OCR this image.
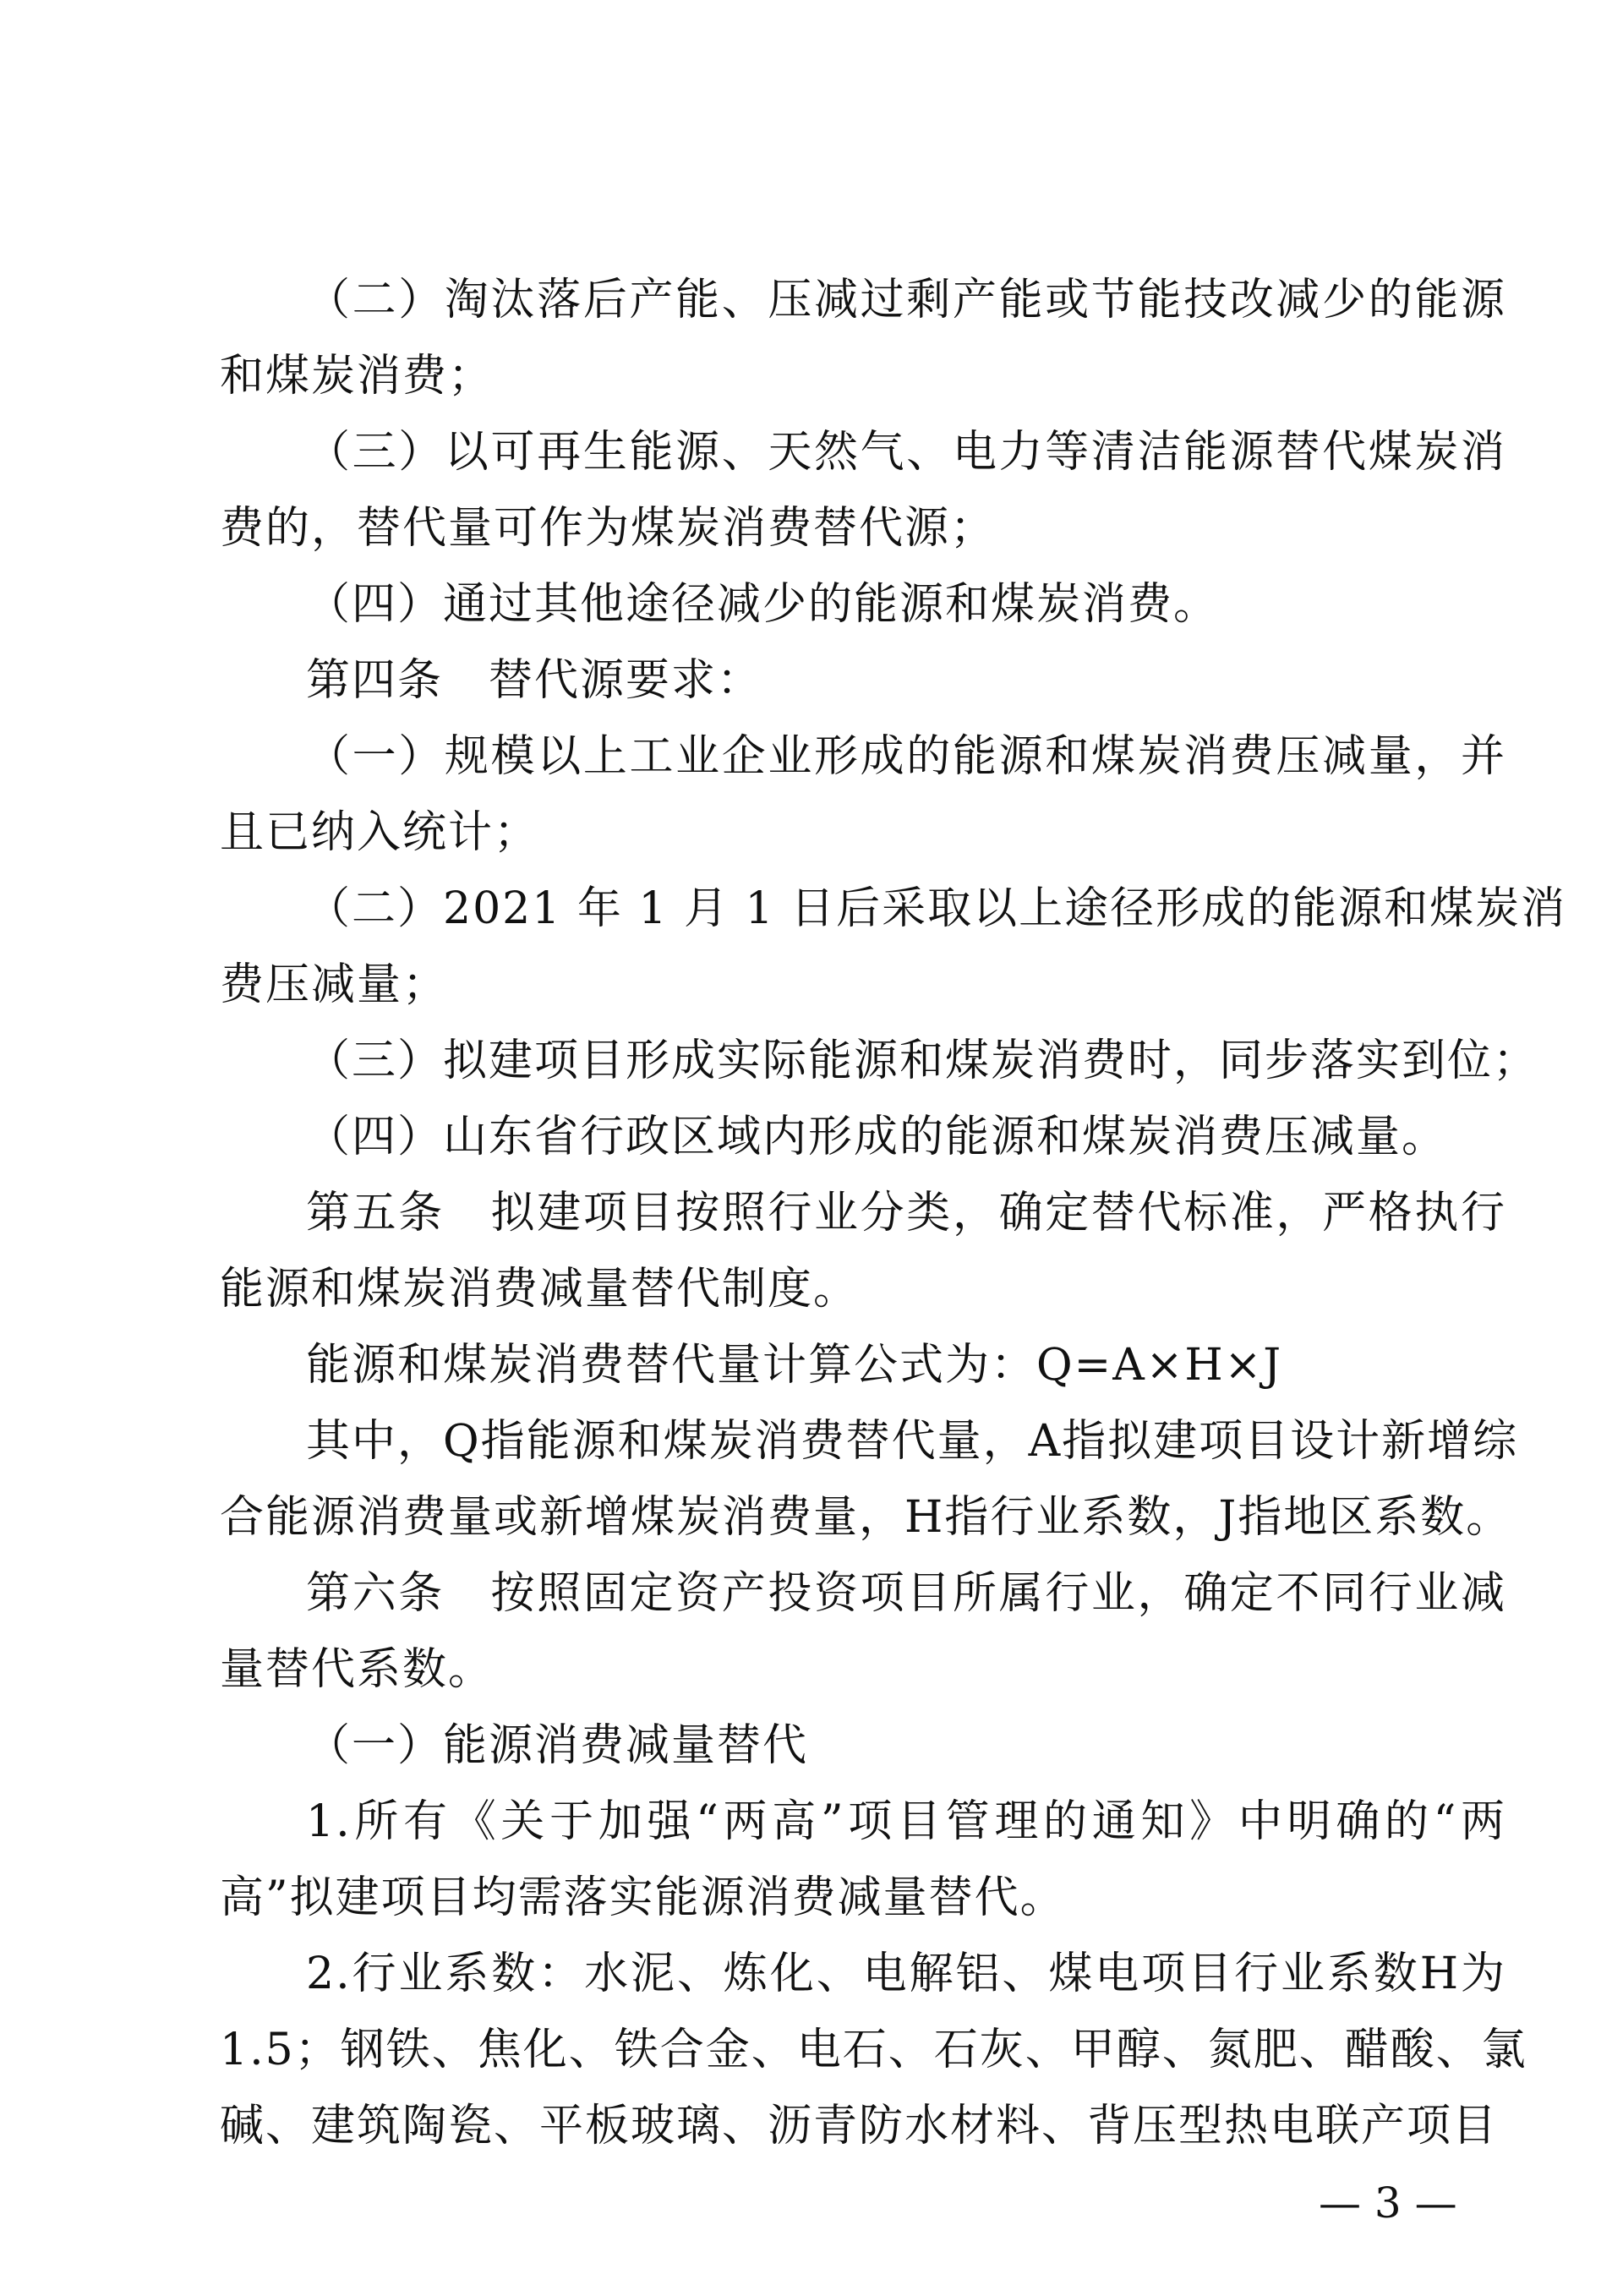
（二）淘汰落后产能、压减过剩产能或节能技改减少的能源
和煤炭消费；
（三）以可再生能源、天然气、电力等清洁能源替代煤炭消
费的，替代量可作为煤炭消费替代源；
（四）通过其他途径减少的能源和煤炭消费。
第四条　替代源要求：
（一）规模以上工业企业形成的能源和煤炭消费压减量，并
且已纳入统计；
（二）2021 年 1 月 1 日后采取以上途径形成的能源和煤炭消
费压减量；
（三）拟建项目形成实际能源和煤炭消费时，同步落实到位；
（四）山东省行政区域内形成的能源和煤炭消费压减量。
第五条　拟建项目按照行业分类，确定替代标准，严格执行
能源和煤炭消费减量替代制度。
能源和煤炭消费替代量计算公式为：Q=A×H×J
其中，Q指能源和煤炭消费替代量，A指拟建项目设计新增综
合能源消费量或新增煤炭消费量，H指行业系数，J指地区系数。
第六条　按照固定资产投资项目所属行业，确定不同行业减
量替代系数。
（一）能源消费减量替代
1.所有《关于加强“两高”项目管理的通知》中明确的“两
高”拟建项目均需落实能源消费减量替代。
2.行业系数：水泥、炼化、电解铝、煤电项目行业系数H为
1.5；钢铁、焦化、铁合金、电石、石灰、甲醇、氮肥、醋酸、氯
碱、建筑陶瓷、平板玻璃、沥青防水材料、背压型热电联产项目
— 3 —
